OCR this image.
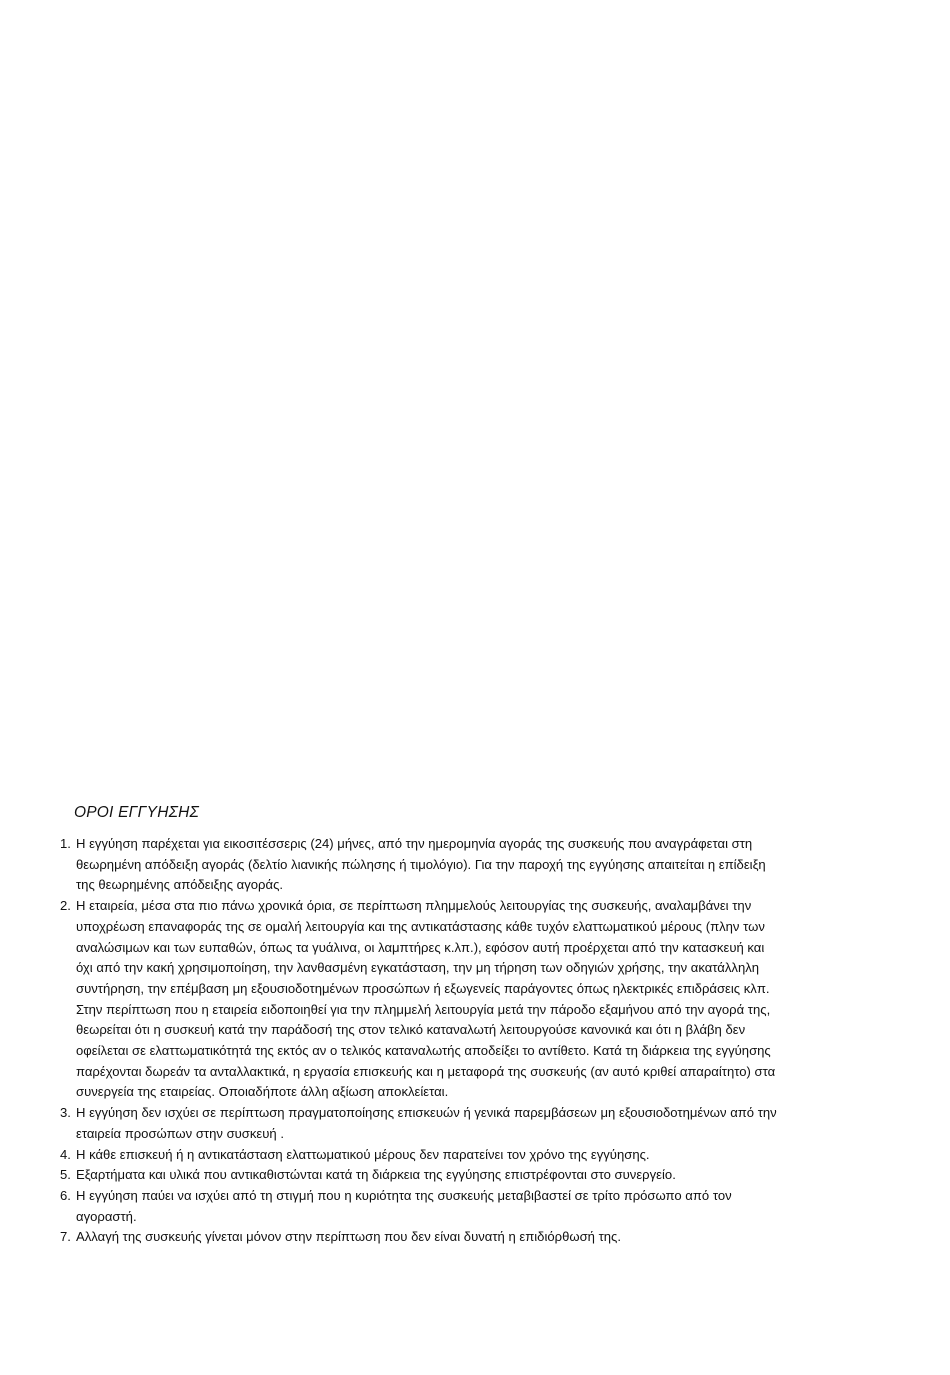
ΟΡΟΙ ΕΓΓΥΗΣΗΣ
1. Η εγγύηση παρέχεται για εικοσιτέσσερις (24) μήνες, από την ημερομηνία αγοράς της συσκευής που αναγράφεται στη θεωρημένη απόδειξη αγοράς (δελτίο λιανικής πώλησης ή τιμολόγιο). Για την παροχή της εγγύησης απαιτείται η επίδειξη της θεωρημένης απόδειξης αγοράς.
2. Η εταιρεία, μέσα στα πιο πάνω χρονικά όρια, σε περίπτωση πλημμελούς λειτουργίας της συσκευής, αναλαμβάνει την υποχρέωση επαναφοράς της σε ομαλή λειτουργία και της αντικατάστασης κάθε τυχόν ελαττωματικού μέρους (πλην των αναλώσιμων και των ευπαθών, όπως τα γυάλινα, οι λαμπτήρες κ.λπ.), εφόσον αυτή προέρχεται από την κατασκευή και όχι από την κακή χρησιμοποίηση, την λανθασμένη εγκατάσταση, την μη τήρηση των οδηγιών χρήσης, την ακατάλληλη συντήρηση, την επέμβαση μη εξουσιοδοτημένων προσώπων ή εξωγενείς παράγοντες όπως ηλεκτρικές επιδράσεις κλπ. Στην περίπτωση που η εταιρεία ειδοποιηθεί για την πλημμελή λειτουργία μετά την πάροδο εξαμήνου από την αγορά της, θεωρείται ότι η συσκευή κατά την παράδοσή της στον τελικό καταναλωτή λειτουργούσε κανονικά και ότι η βλάβη δεν οφείλεται σε ελαττωματικότητά της εκτός αν ο τελικός καταναλωτής αποδείξει το αντίθετο. Κατά τη διάρκεια της εγγύησης παρέχονται δωρεάν τα ανταλλακτικά, η εργασία επισκευής και η μεταφορά της συσκευής (αν αυτό κριθεί απαραίτητο) στα συνεργεία της εταιρείας. Οποιαδήποτε άλλη αξίωση αποκλείεται.
3. Η εγγύηση δεν ισχύει σε περίπτωση πραγματοποίησης επισκευών ή γενικά παρεμβάσεων μη εξουσιοδοτημένων από την εταιρεία προσώπων στην συσκευή .
4. Η κάθε επισκευή ή η αντικατάσταση ελαττωματικού μέρους δεν παρατείνει τον χρόνο της εγγύησης.
5. Εξαρτήματα και υλικά που αντικαθιστώνται κατά τη διάρκεια της εγγύησης επιστρέφονται στο συνεργείο.
6. Η εγγύηση παύει να ισχύει από τη στιγμή που η κυριότητα της συσκευής μεταβιβαστεί σε τρίτο πρόσωπο από τον αγοραστή.
7. Αλλαγή της συσκευής γίνεται μόνον στην περίπτωση που δεν είναι δυνατή η επιδιόρθωσή της.
